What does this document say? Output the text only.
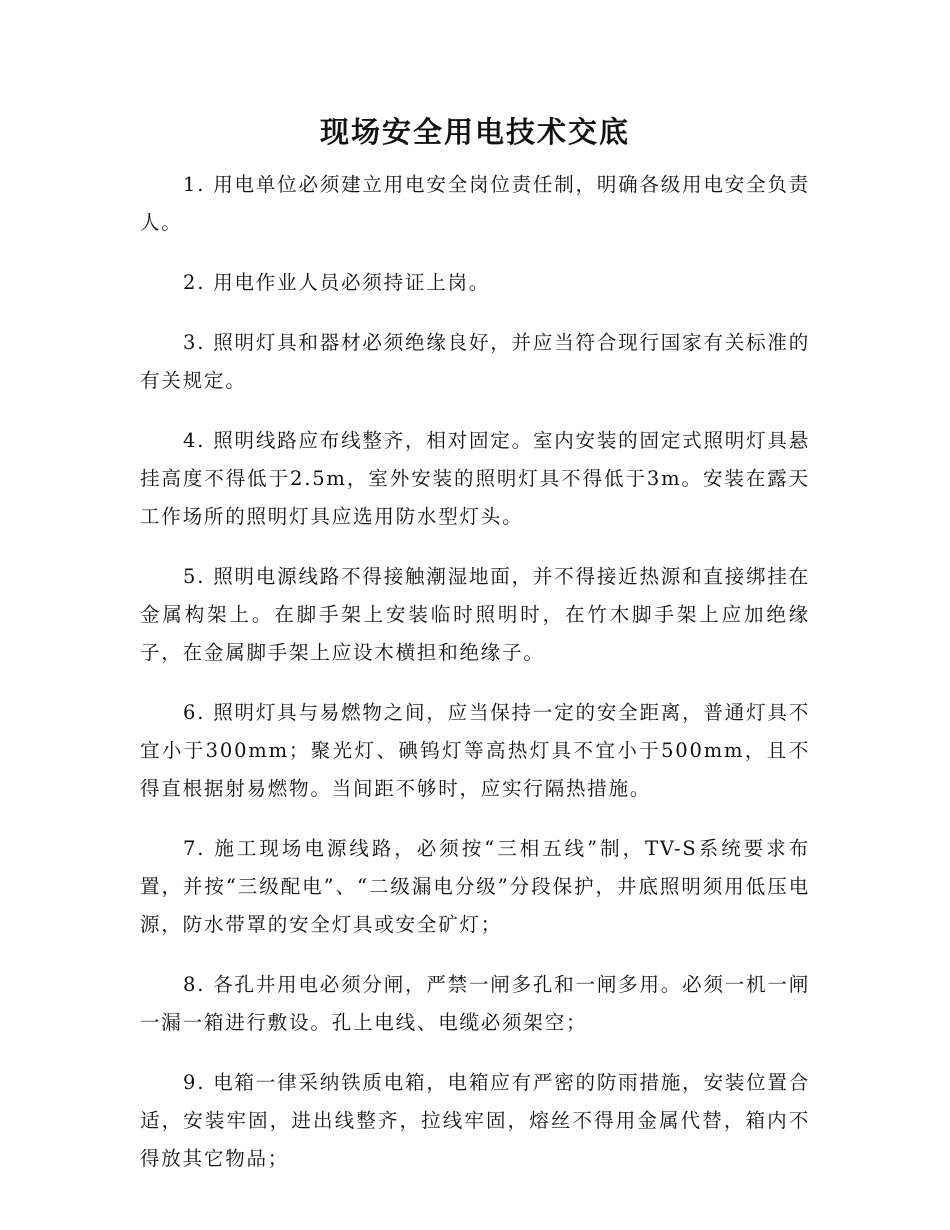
现场安全用电技术交底

1. 用电单位必须建立用电安全岗位责任制，明确各级用电安全负责人。

2. 用电作业人员必须持证上岗。

3. 照明灯具和器材必须绝缘良好，并应当符合现行国家有关标准的有关规定。

4. 照明线路应布线整齐，相对固定。室内安装的固定式照明灯具悬挂高度不得低于2.5m，室外安装的照明灯具不得低于3m。安装在露天工作场所的照明灯具应选用防水型灯头。

5. 照明电源线路不得接触潮湿地面，并不得接近热源和直接绑挂在金属构架上。在脚手架上安装临时照明时，在竹木脚手架上应加绝缘子，在金属脚手架上应设木横担和绝缘子。

6. 照明灯具与易燃物之间，应当保持一定的安全距离，普通灯具不宜小于300mm；聚光灯、碘钨灯等高热灯具不宜小于500mm，且不得直根据射易燃物。当间距不够时，应实行隔热措施。

7. 施工现场电源线路，必须按“三相五线”制，TV-S系统要求布置，并按“三级配电”、“二级漏电分级”分段保护，井底照明须用低压电源，防水带罩的安全灯具或安全矿灯；

8. 各孔井用电必须分闸，严禁一闸多孔和一闸多用。必须一机一闸一漏一箱进行敷设。孔上电线、电缆必须架空；

9. 电箱一律采纳铁质电箱，电箱应有严密的防雨措施，安装位置合适，安装牢固，进出线整齐，拉线牢固，熔丝不得用金属代替，箱内不得放其它物品；
